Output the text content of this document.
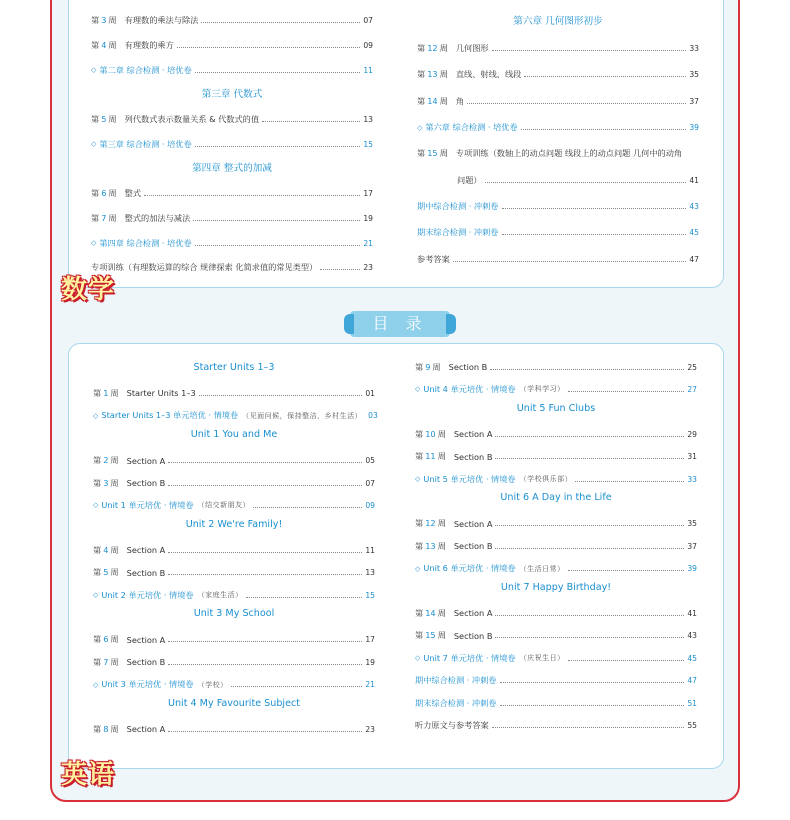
第 3 周 有理数的乘法与除法	07
第 4 周 有理数的乘方	09
◇ 第二章 综合检测 · 培优卷	11
第三章 代数式
第 5 周 列代数式表示数量关系 & 代数式的值	13
◇ 第三章 综合检测 · 培优卷	15
第四章 整式的加减
第 6 周 整式	17
第 7 周 整式的加法与减法	19
◇ 第四章 综合检测 · 培优卷	21
专项训练（有理数运算的综合 规律探索 化简求值的常见类型）	23
第六章 几何图形初步
第 12 周 几何图形	33
第 13 周 直线、射线、线段	35
第 14 周 角	37
◇ 第六章 综合检测 · 培优卷	39
第 15 周 专项训练（数轴上的动点问题 线段上的动点问题 几何中的动角
问题）	41
期中综合检测 · 冲刺卷	43
期末综合检测 · 冲刺卷	45
参考答案	47
目 录
Starter Units 1–3
第 1 周 Starter Units 1–3	01
◇ Starter Units 1–3 单元培优 · 情境卷 （见面问候，保持整洁，乡村生活） 03
Unit 1 You and Me
第 2 周 Section A	05
第 3 周 Section B	07
◇ Unit 1 单元培优 · 情境卷 （结交新朋友）	09
Unit 2 We're Family!
第 4 周 Section A	11
第 5 周 Section B	13
◇ Unit 2 单元培优 · 情境卷 （家庭生活）	15
Unit 3 My School
第 6 周 Section A	17
第 7 周 Section B	19
◇ Unit 3 单元培优 · 情境卷 （学校）	21
Unit 4 My Favourite Subject
第 8 周 Section A	23
第 9 周 Section B	25
◇ Unit 4 单元培优 · 情境卷 （学科学习）	27
Unit 5 Fun Clubs
第 10 周 Section A	29
第 11 周 Section B	31
◇ Unit 5 单元培优 · 情境卷 （学校俱乐部）	33
Unit 6 A Day in the Life
第 12 周 Section A	35
第 13 周 Section B	37
◇ Unit 6 单元培优 · 情境卷 （生活日常）	39
Unit 7 Happy Birthday!
第 14 周 Section A	41
第 15 周 Section B	43
◇ Unit 7 单元培优 · 情境卷 （庆祝生日）	45
期中综合检测 · 冲刺卷	47
期末综合检测 · 冲刺卷	51
听力原文与参考答案	55
数学
英语
